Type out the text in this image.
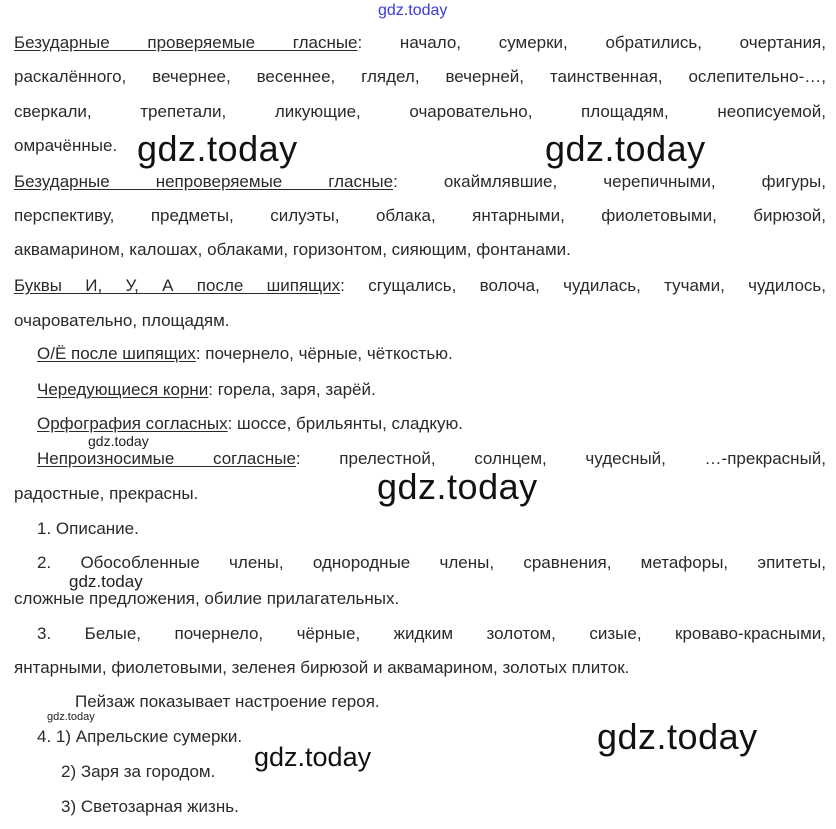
gdz.today
Безударные проверяемые гласные: начало, сумерки, обратились, очертания,
раскалённого, вечернее, весеннее, глядел, вечерней, таинственная, ослепительно-…,
сверкали, трепетали, ликующие, очаровательно, площадям, неописуемой,
омрачённые. gdz.today	gdz.today
Безударные непроверяемые гласные: окаймлявшие, черепичными, фигуры,
перспективу, предметы, силуэты, облака, янтарными, фиолетовыми, бирюзой,
аквамарином, калошах, облаками, горизонтом, сияющим, фонтанами.
Буквы И, У, А после шипящих: сгущались, волоча, чудилась, тучами, чудилось,
очаровательно, площадям.
О/Ё после шипящих: почернело, чёрные, чёткостью.
Чередующиеся корни: горела, заря, зарёй.
Орфография согласных: шоссе, брильянты, сладкую.
gdz.today
Непроизносимые согласные: прелестной, солнцем, чудесный, …-прекрасный,
радостные, прекрасны.	gdz.today
1. Описание.
2. Обособленные члены, однородные члены, сравнения, метафоры, эпитеты,
gdz.today
сложные предложения, обилие прилагательных.
3. Белые, почернело, чёрные, жидким золотом, сизые, кроваво-красными,
янтарными, фиолетовыми, зеленея бирюзой и аквамарином, золотых плиток.
Пейзаж показывает настроение героя.
gdz.today
4. 1) Апрельские сумерки.
2) Заря за городом. gdz.today	gdz.today
3) Светозарная жизнь.
